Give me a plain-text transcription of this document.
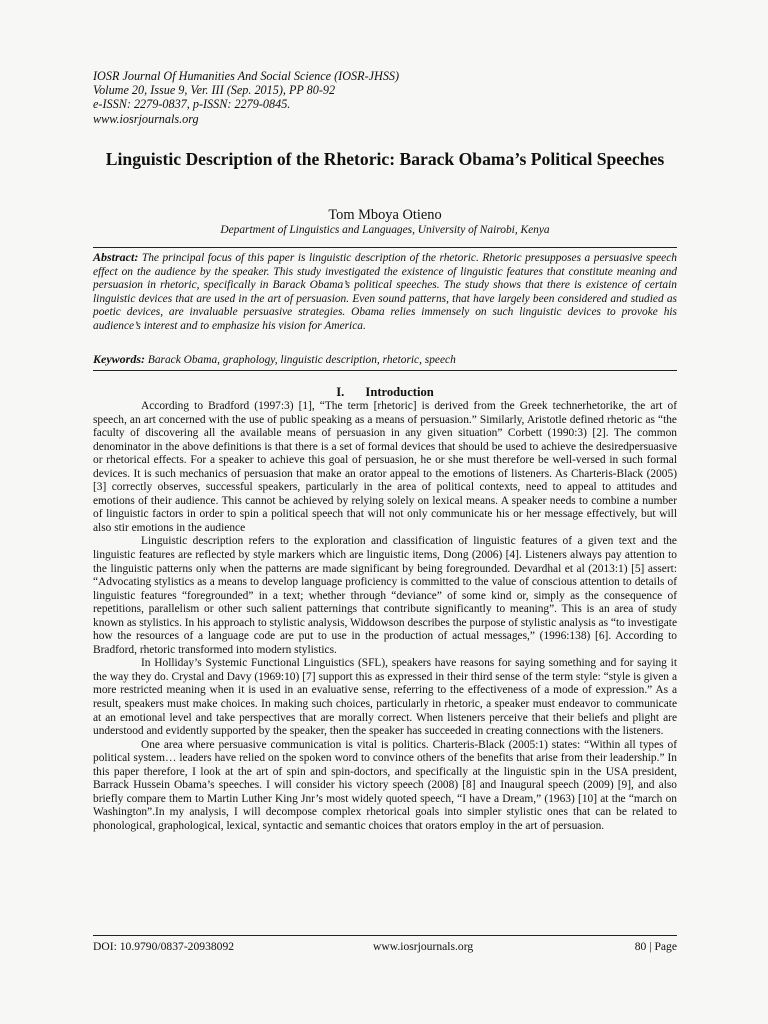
IOSR Journal Of Humanities And Social Science (IOSR-JHSS)
Volume 20, Issue 9, Ver. III (Sep. 2015), PP 80-92
e-ISSN: 2279-0837, p-ISSN: 2279-0845.
www.iosrjournals.org
Linguistic Description of the Rhetoric: Barack Obama’s Political Speeches
Tom Mboya Otieno
Department of Linguistics and Languages, University of Nairobi, Kenya
Abstract: The principal focus of this paper is linguistic description of the rhetoric. Rhetoric presupposes a persuasive speech effect on the audience by the speaker. This study investigated the existence of linguistic features that constitute meaning and persuasion in rhetoric, specifically in Barack Obama’s political speeches. The study shows that there is existence of certain linguistic devices that are used in the art of persuasion. Even sound patterns, that have largely been considered and studied as poetic devices, are invaluable persuasive strategies. Obama relies immensely on such linguistic devices to provoke his audience’s interest and to emphasize his vision for America.
Keywords: Barack Obama, graphology, linguistic description, rhetoric, speech
I. Introduction

According to Bradford (1997:3) [1], “The term [rhetoric] is derived from the Greek technerhetorike, the art of speech, an art concerned with the use of public speaking as a means of persuasion.” Similarly, Aristotle defined rhetoric as “the faculty of discovering all the available means of persuasion in any given situation” Corbett (1990:3) [2]. The common denominator in the above definitions is that there is a set of formal devices that should be used to achieve the desiredpersuasive or rhetorical effects. For a speaker to achieve this goal of persuasion, he or she must therefore be well-versed in such formal devices. It is such mechanics of persuasion that make an orator appeal to the emotions of listeners. As Charteris-Black (2005) [3] correctly observes, successful speakers, particularly in the area of political contexts, need to appeal to attitudes and emotions of their audience. This cannot be achieved by relying solely on lexical means. A speaker needs to combine a number of linguistic factors in order to spin a political speech that will not only communicate his or her message effectively, but will also stir emotions in the audience

Linguistic description refers to the exploration and classification of linguistic features of a given text and the linguistic features are reflected by style markers which are linguistic items, Dong (2006) [4]. Listeners always pay attention to the linguistic patterns only when the patterns are made significant by being foregrounded. Devardhal et al (2013:1) [5] assert: “Advocating stylistics as a means to develop language proficiency is committed to the value of conscious attention to details of linguistic features “foregrounded” in a text; whether through “deviance” of some kind or, simply as the consequence of repetitions, parallelism or other such salient patternings that contribute significantly to meaning”. This is an area of study known as stylistics. In his approach to stylistic analysis, Widdowson describes the purpose of stylistic analysis as “to investigate how the resources of a language code are put to use in the production of actual messages,” (1996:138) [6]. According to Bradford, rhetoric transformed into modern stylistics.

In Holliday’s Systemic Functional Linguistics (SFL), speakers have reasons for saying something and for saying it the way they do. Crystal and Davy (1969:10) [7] support this as expressed in their third sense of the term style: “style is given a more restricted meaning when it is used in an evaluative sense, referring to the effectiveness of a mode of expression.” As a result, speakers must make choices. In making such choices, particularly in rhetoric, a speaker must endeavor to communicate at an emotional level and take perspectives that are morally correct. When listeners perceive that their beliefs and plight are understood and evidently supported by the speaker, then the speaker has succeeded in creating connections with the listeners.

One area where persuasive communication is vital is politics. Charteris-Black (2005:1) states: “Within all types of political system… leaders have relied on the spoken word to convince others of the benefits that arise from their leadership.” In this paper therefore, I look at the art of spin and spin-doctors, and specifically at the linguistic spin in the USA president, Barrack Hussein Obama’s speeches. I will consider his victory speech (2008) [8] and Inaugural speech (2009) [9], and also briefly compare them to Martin Luther King Jnr’s most widely quoted speech, “I have a Dream,” (1963) [10] at the “march on Washington”.In my analysis, I will decompose complex rhetorical goals into simpler stylistic ones that can be related to phonological, graphological, lexical, syntactic and semantic choices that orators employ in the art of persuasion.

DOI: 10.9790/0837-20938092	www.iosrjournals.org	80 | Page
